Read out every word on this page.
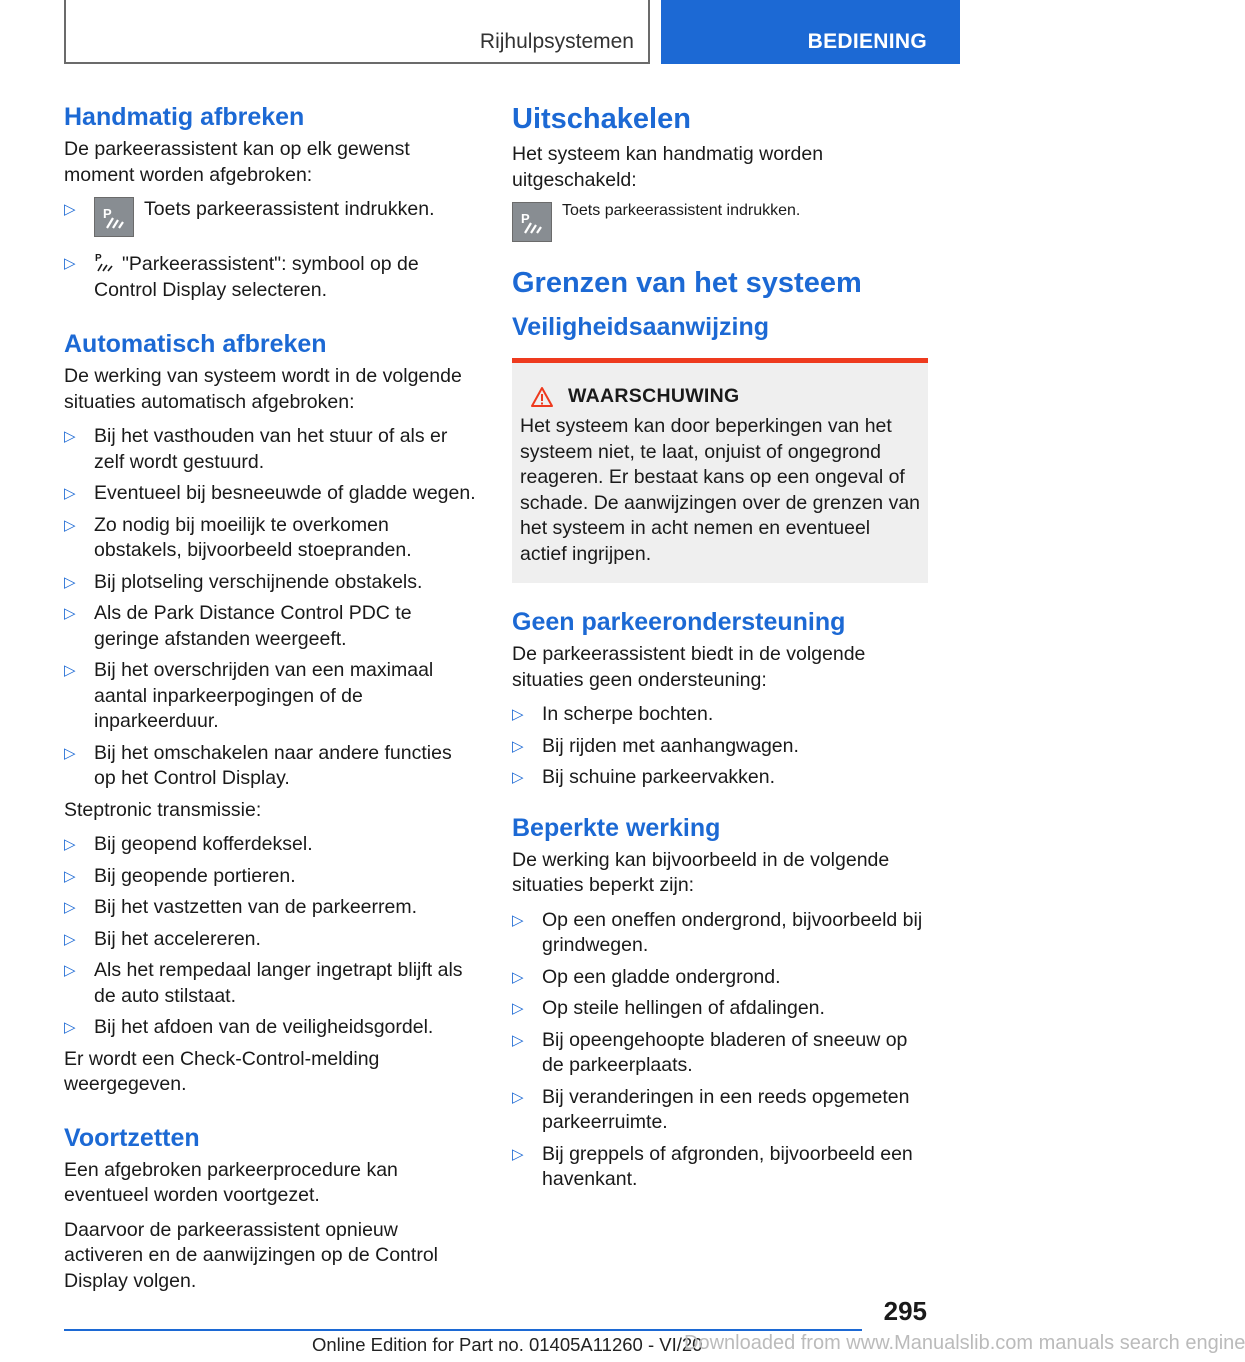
Rijhulpsystemen	BEDIENING
Handmatig afbreken

De parkeerassistent kan op elk gewenst moment worden afgebroken:

▷ P Toets parkeerassistent indrukken.
▷ P "Parkeerassistent": symbool op de Control Display selecteren.
Automatisch afbreken

De werking van systeem wordt in de volgende situaties automatisch afgebroken:

▷ Bij het vasthouden van het stuur of als er zelf wordt gestuurd.
▷ Eventueel bij besneeuwde of gladde wegen.
▷ Zo nodig bij moeilijk te overkomen obstakels, bijvoorbeeld stoepranden.
▷ Bij plotseling verschijnende obstakels.
▷ Als de Park Distance Control PDC te geringe afstanden weergeeft.
▷ Bij het overschrijden van een maximaal aantal inparkeerpogingen of de inparkeerduur.
▷ Bij het omschakelen naar andere functies op het Control Display.

Steptronic transmissie:

▷ Bij geopend kofferdeksel.
▷ Bij geopende portieren.
▷ Bij het vastzetten van de parkeerrem.
▷ Bij het accelereren.
▷ Als het rempedaal langer ingetrapt blijft als de auto stilstaat.
▷ Bij het afdoen van de veiligheidsgordel.

Er wordt een Check-Control-melding weergegeven.

Voortzetten

Een afgebroken parkeerprocedure kan eventueel worden voortgezet.

Daarvoor de parkeerassistent opnieuw activeren en de aanwijzingen op de Control Display volgen.

Uitschakelen

Het systeem kan handmatig worden uitgeschakeld:

P Toets parkeerassistent indrukken.
Grenzen van het systeem
Veiligheidsaanwijzing
WAARSCHUWING

Het systeem kan door beperkingen van het systeem niet, te laat, onjuist of ongegrond reageren. Er bestaat kans op een ongeval of schade. De aanwijzingen over de grenzen van het systeem in acht nemen en eventueel actief ingrijpen.

Geen parkeerondersteuning

De parkeerassistent biedt in de volgende situaties geen ondersteuning:

▷ In scherpe bochten.
▷ Bij rijden met aanhangwagen.
▷ Bij schuine parkeervakken.
Beperkte werking

De werking kan bijvoorbeeld in de volgende situaties beperkt zijn:

▷ Op een oneffen ondergrond, bijvoorbeeld bij grindwegen.
▷ Op een gladde ondergrond.
▷ Op steile hellingen of afdalingen.
▷ Bij opeengehoopte bladeren of sneeuw op de parkeerplaats.
▷ Bij veranderingen in een reeds opgemeten parkeerruimte.
▷ Bij greppels of afgronden, bijvoorbeeld een havenkant.
295
Online Edition for Part no. 01405A11260 - VI/20
Downloaded from www.Manualslib.com manuals search engine
